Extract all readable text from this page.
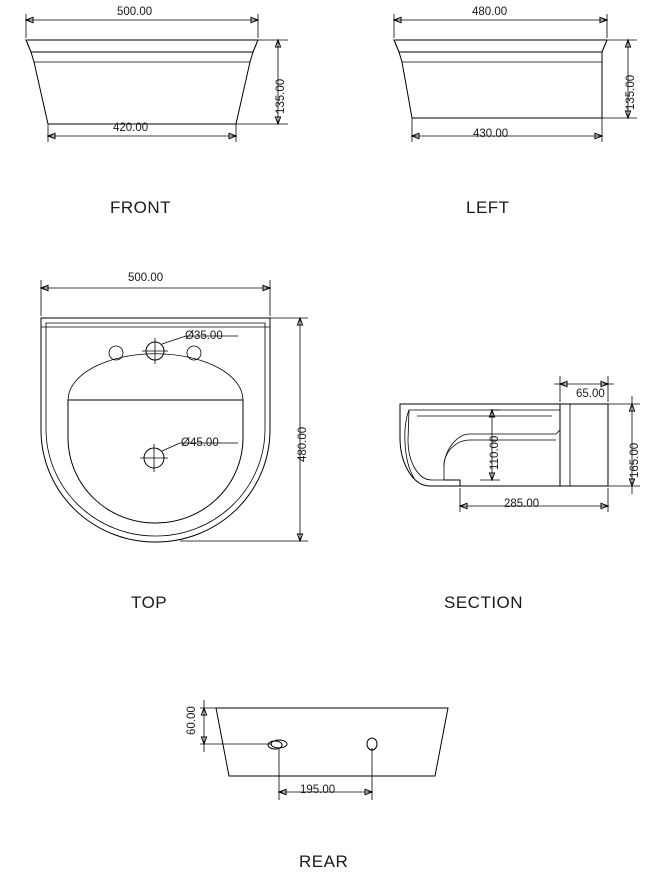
500.00
420.00
135.00
FRONT
480.00
430.00
135.00
LEFT
500.00
480.00
Ø35.00
Ø45.00
TOP
65.00
110.00	165.00
285.00
SECTION
60.00
195.00
REAR
